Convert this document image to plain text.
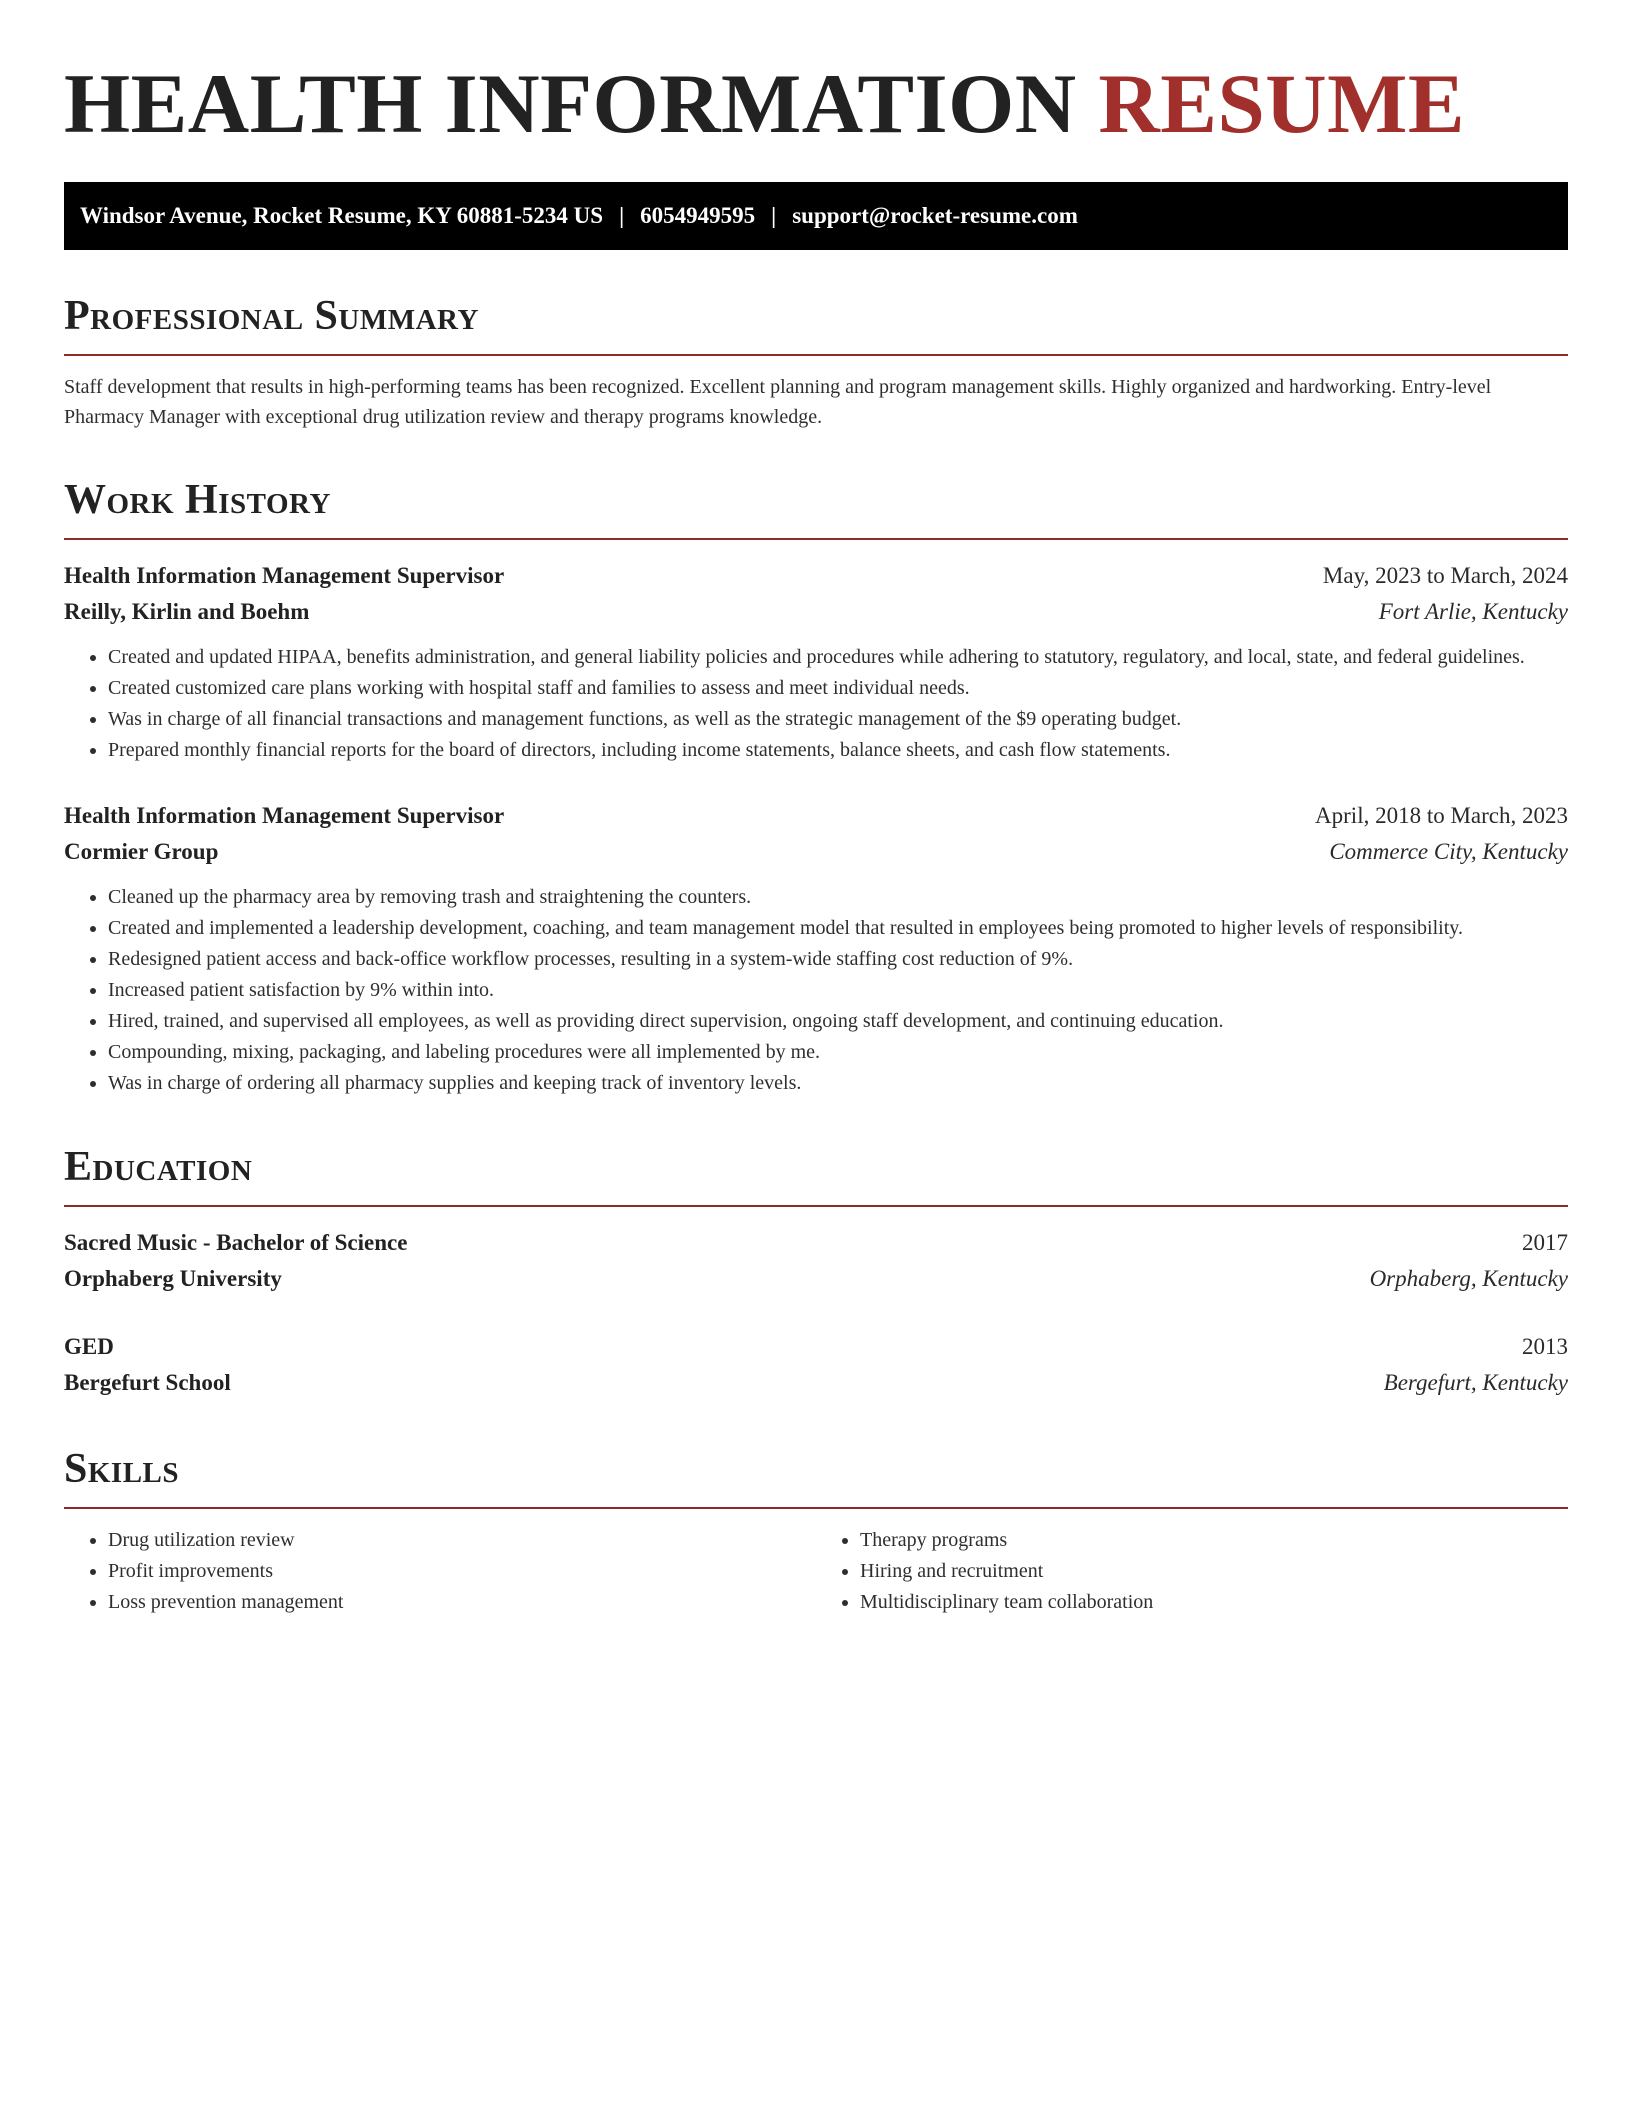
HEALTH INFORMATION RESUME
Windsor Avenue, Rocket Resume, KY 60881-5234 US | 6054949595 | support@rocket-resume.com
Professional Summary

Staff development that results in high-performing teams has been recognized. Excellent planning and program management skills. Highly organized and hardworking. Entry-level Pharmacy Manager with exceptional drug utilization review and therapy programs knowledge.

Work History
Health Information Management Supervisor	May, 2023 to March, 2024
Reilly, Kirlin and Boehm	Fort Arlie, Kentucky
• Created and updated HIPAA, benefits administration, and general liability policies and procedures while adhering to statutory, regulatory, and local, state, and federal guidelines.
• Created customized care plans working with hospital staff and families to assess and meet individual needs.
• Was in charge of all financial transactions and management functions, as well as the strategic management of the $9 operating budget.
• Prepared monthly financial reports for the board of directors, including income statements, balance sheets, and cash flow statements.
Health Information Management Supervisor	April, 2018 to March, 2023
Cormier Group	Commerce City, Kentucky
• Cleaned up the pharmacy area by removing trash and straightening the counters.
• Created and implemented a leadership development, coaching, and team management model that resulted in employees being promoted to higher levels of responsibility.
• Redesigned patient access and back-office workflow processes, resulting in a system-wide staffing cost reduction of 9%.
• Increased patient satisfaction by 9% within into.
• Hired, trained, and supervised all employees, as well as providing direct supervision, ongoing staff development, and continuing education.
• Compounding, mixing, packaging, and labeling procedures were all implemented by me.
• Was in charge of ordering all pharmacy supplies and keeping track of inventory levels.
Education
Sacred Music - Bachelor of Science	2017
Orphaberg University	Orphaberg, Kentucky
GED	2013
Bergefurt School	Bergefurt, Kentucky
Skills
• Drug utilization review
• Profit improvements
• Loss prevention management
• Therapy programs
• Hiring and recruitment
• Multidisciplinary team collaboration
